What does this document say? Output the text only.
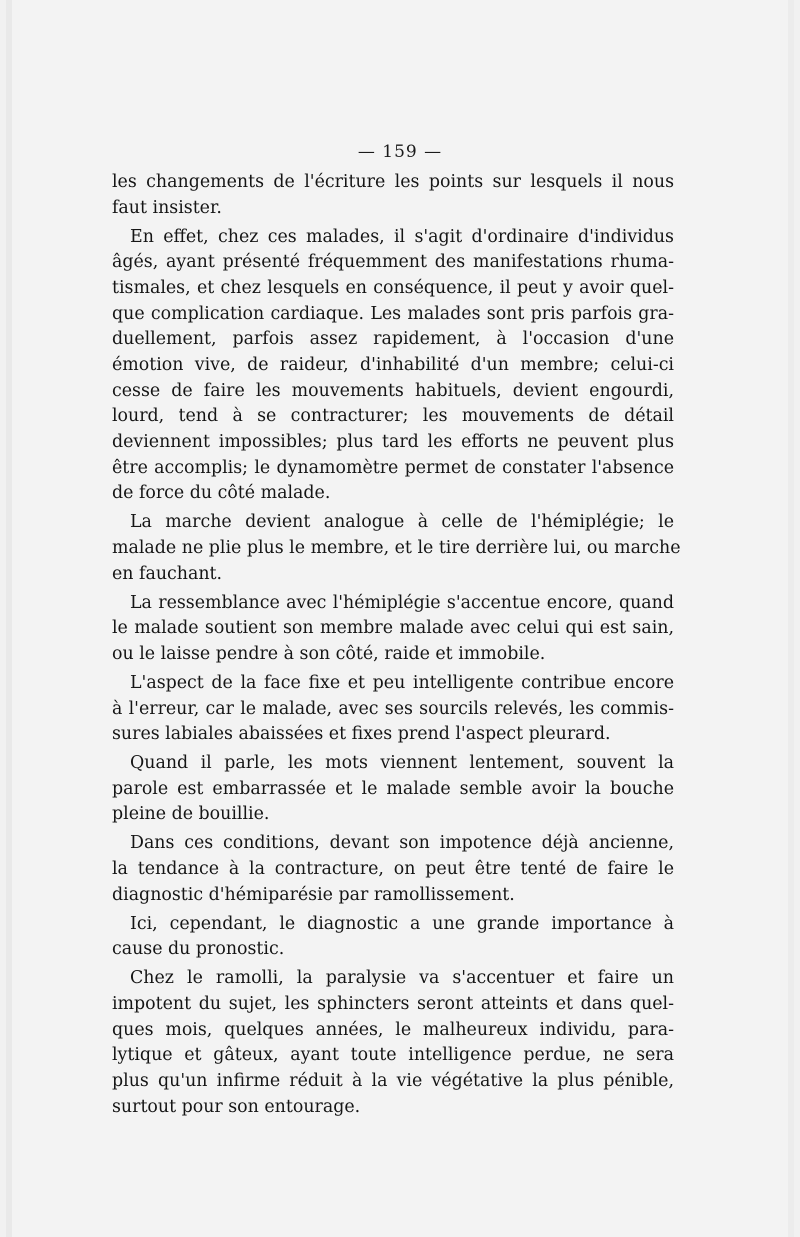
— 159 —
les changements de l'écriture les points sur lesquels il nous
faut insister.
En effet, chez ces malades, il s'agit d'ordinaire d'individus
âgés, ayant présenté fréquemment des manifestations rhuma-
tismales, et chez lesquels en conséquence, il peut y avoir quel-
que complication cardiaque. Les malades sont pris parfois gra-
duellement, parfois assez rapidement, à l'occasion d'une
émotion vive, de raideur, d'inhabilité d'un membre; celui-ci
cesse de faire les mouvements habituels, devient engourdi,
lourd, tend à se contracturer; les mouvements de détail
deviennent impossibles; plus tard les efforts ne peuvent plus
être accomplis; le dynamomètre permet de constater l'absence
de force du côté malade.
La marche devient analogue à celle de l'hémiplégie; le
malade ne plie plus le membre, et le tire derrière lui, ou marche
en fauchant.
La ressemblance avec l'hémiplégie s'accentue encore, quand
le malade soutient son membre malade avec celui qui est sain,
ou le laisse pendre à son côté, raide et immobile.
L'aspect de la face fixe et peu intelligente contribue encore
à l'erreur, car le malade, avec ses sourcils relevés, les commis-
sures labiales abaissées et fixes prend l'aspect pleurard.
Quand il parle, les mots viennent lentement, souvent la
parole est embarrassée et le malade semble avoir la bouche
pleine de bouillie.
Dans ces conditions, devant son impotence déjà ancienne,
la tendance à la contracture, on peut être tenté de faire le
diagnostic d'hémiparésie par ramollissement.
Ici, cependant, le diagnostic a une grande importance à
cause du pronostic.
Chez le ramolli, la paralysie va s'accentuer et faire un
impotent du sujet, les sphincters seront atteints et dans quel-
ques mois, quelques années, le malheureux individu, para-
lytique et gâteux, ayant toute intelligence perdue, ne sera
plus qu'un infirme réduit à la vie végétative la plus pénible,
surtout pour son entourage.
